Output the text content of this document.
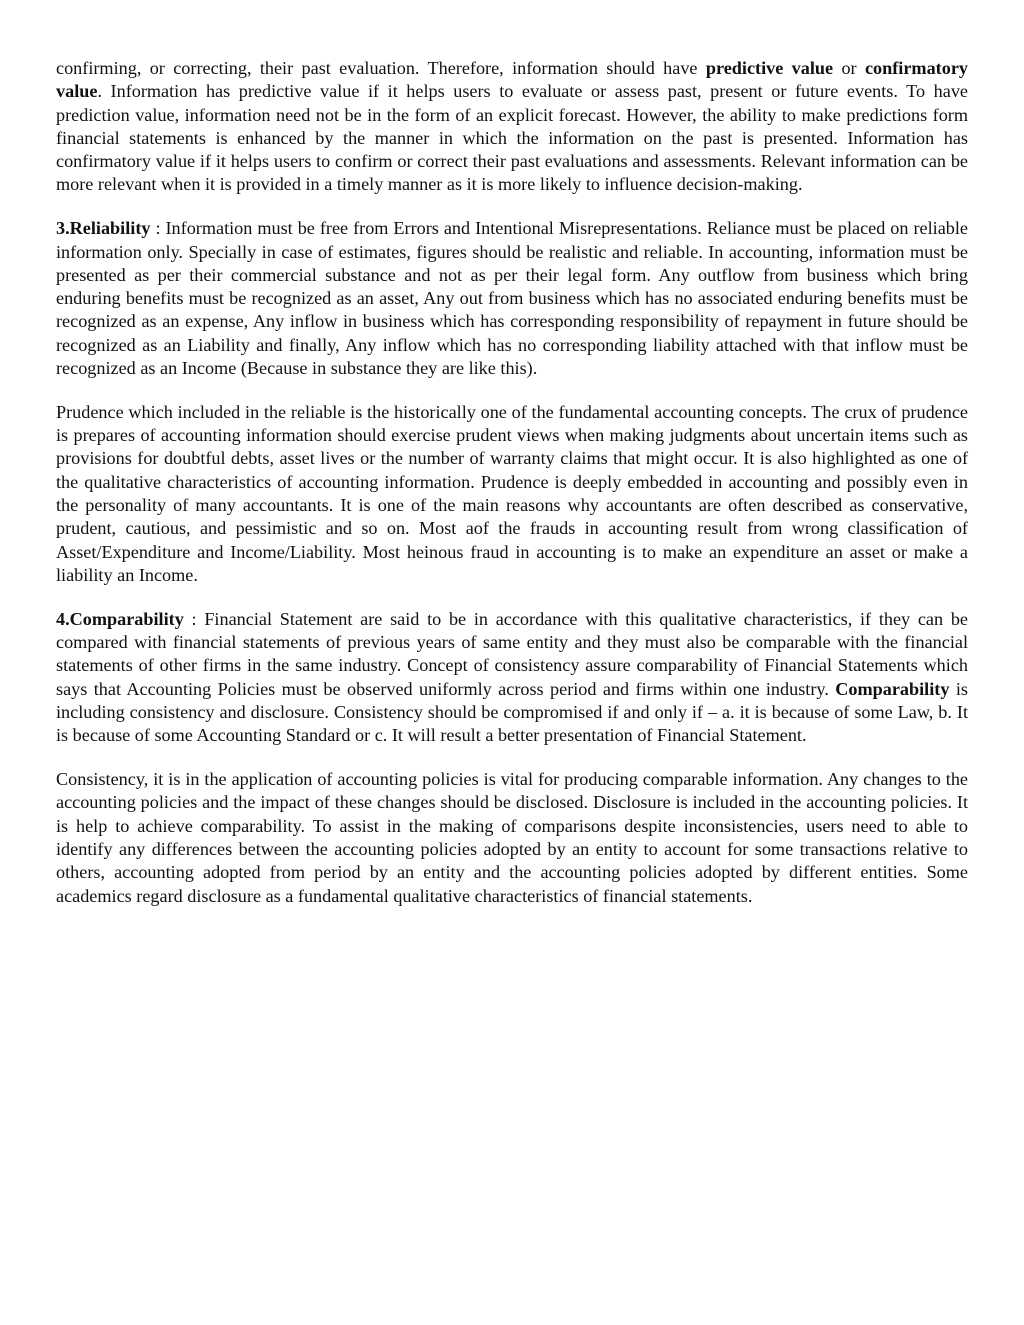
confirming, or correcting, their past evaluation. Therefore, information should have predictive value or confirmatory value. Information has predictive value if it helps users to evaluate or assess past, present or future events. To have prediction value, information need not be in the form of an explicit forecast. However, the ability to make predictions form financial statements is enhanced by the manner in which the information on the past is presented. Information has confirmatory value if it helps users to confirm or correct their past evaluations and assessments. Relevant information can be more relevant when it is provided in a timely manner as it is more likely to influence decision-making.

3.Reliability : Information must be free from Errors and Intentional Misrepresentations. Reliance must be placed on reliable information only. Specially in case of estimates, figures should be realistic and reliable. In accounting, information must be presented as per their commercial substance and not as per their legal form. Any outflow from business which bring enduring benefits must be recognized as an asset, Any out from business which has no associated enduring benefits must be recognized as an expense, Any inflow in business which has corresponding responsibility of repayment in future should be recognized as an Liability and finally, Any inflow which has no corresponding liability attached with that inflow must be recognized as an Income (Because in substance they are like this).

Prudence which included in the reliable is the historically one of the fundamental accounting concepts. The crux of prudence is prepares of accounting information should exercise prudent views when making judgments about uncertain items such as provisions for doubtful debts, asset lives or the number of warranty claims that might occur. It is also highlighted as one of the qualitative characteristics of accounting information. Prudence is deeply embedded in accounting and possibly even in the personality of many accountants. It is one of the main reasons why accountants are often described as conservative, prudent, cautious, and pessimistic and so on. Most aof the frauds in accounting result from wrong classification of Asset/Expenditure and Income/Liability. Most heinous fraud in accounting is to make an expenditure an asset or make a liability an Income.

4.Comparability : Financial Statement are said to be in accordance with this qualitative characteristics, if they can be compared with financial statements of previous years of same entity and they must also be comparable with the financial statements of other firms in the same industry. Concept of consistency assure comparability of Financial Statements which says that Accounting Policies must be observed uniformly across period and firms within one industry. Comparability is including consistency and disclosure. Consistency should be compromised if and only if – a. it is because of some Law, b. It is because of some Accounting Standard or c. It will result a better presentation of Financial Statement.

Consistency, it is in the application of accounting policies is vital for producing comparable information. Any changes to the accounting policies and the impact of these changes should be disclosed. Disclosure is included in the accounting policies. It is help to achieve comparability. To assist in the making of comparisons despite inconsistencies, users need to able to identify any differences between the accounting policies adopted by an entity to account for some transactions relative to others, accounting adopted from period by an entity and the accounting policies adopted by different entities. Some academics regard disclosure as a fundamental qualitative characteristics of financial statements.
